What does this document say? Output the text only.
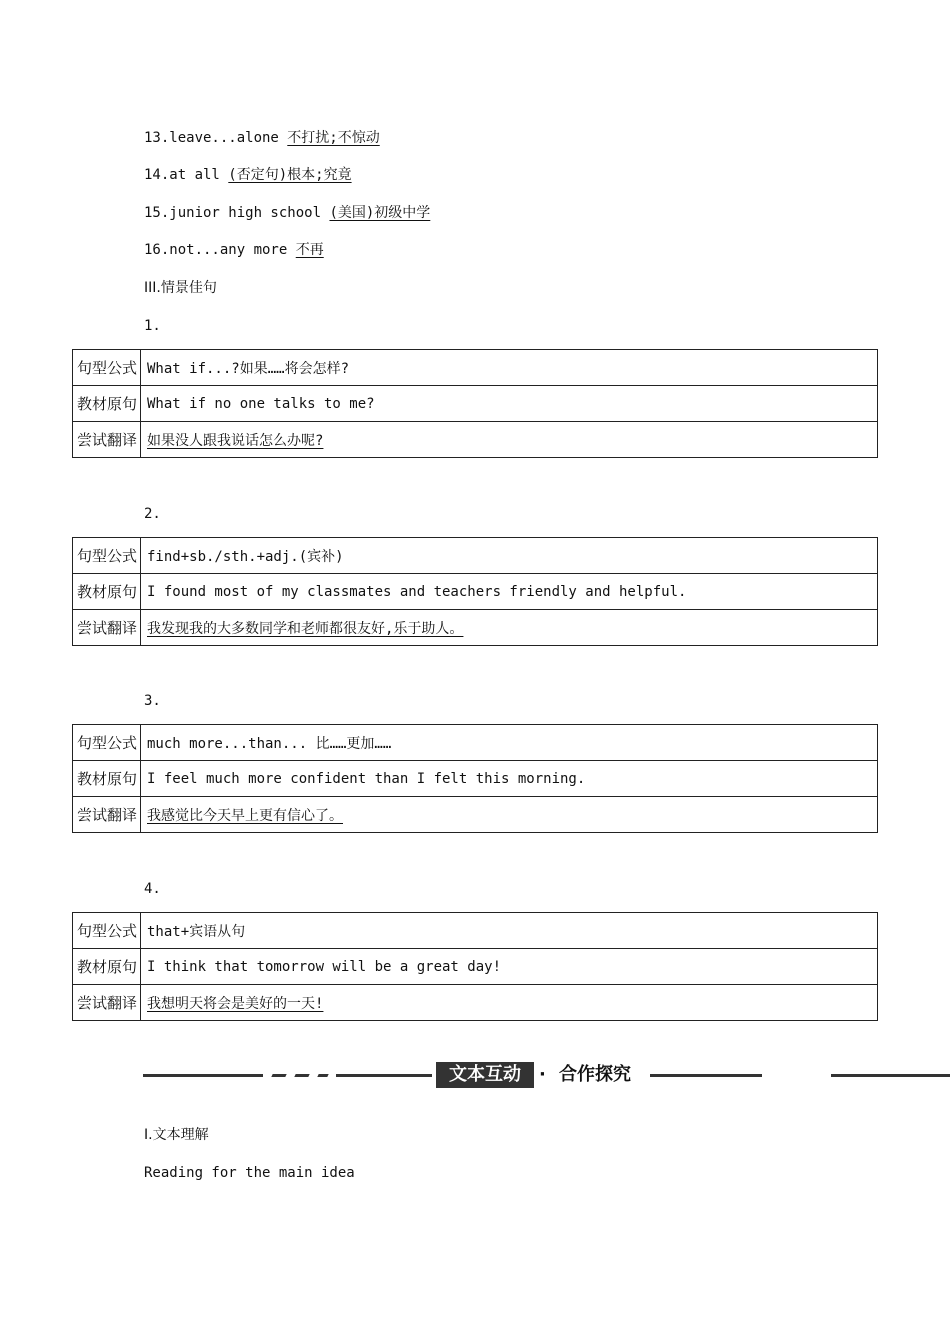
13.leave...alone 不打扰;不惊动
14.at all (否定句)根本;究竟
15.junior high school (美国)初级中学
16.not...any more 不再
III.情景佳句
1.
句型公式	What if...?如果……将会怎样?
教材原句	What if no one talks to me?
尝试翻译	如果没人跟我说话怎么办呢?
2.
句型公式	find+sb./sth.+adj.(宾补)
教材原句	I found most of my classmates and teachers friendly and helpful.
尝试翻译	我发现我的大多数同学和老师都很友好,乐于助人。
3.
句型公式	much more...than... 比……更加……
教材原句	I feel much more confident than I felt this morning.
尝试翻译	我感觉比今天早上更有信心了。
4.
句型公式	that+宾语从句
教材原句	I think that tomorrow will be a great day!
尝试翻译	我想明天将会是美好的一天!
文本互动	· 合作探究
Ⅰ.文本理解
Reading for the main idea
